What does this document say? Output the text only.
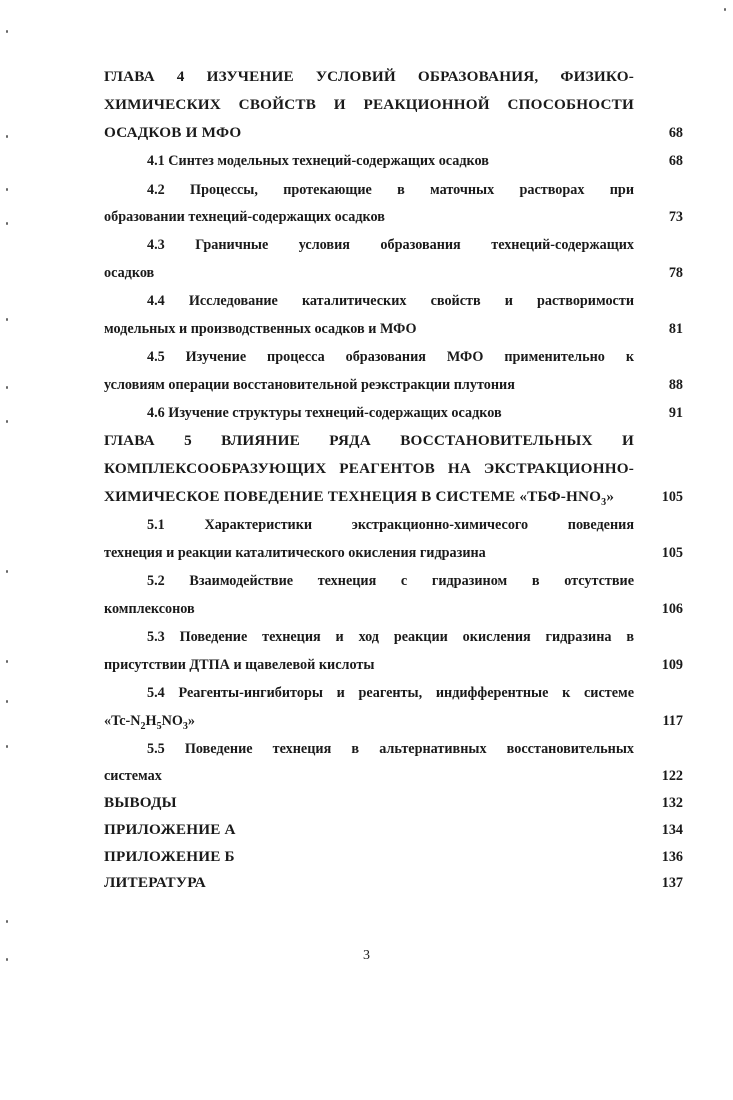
ГЛАВА 4 ИЗУЧЕНИЕ УСЛОВИЙ ОБРАЗОВАНИЯ, ФИЗИКО-
ХИМИЧЕСКИХ СВОЙСТВ И РЕАКЦИОННОЙ СПОСОБНОСТИ
ОСАДКОВ И МФО	68
4.1 Синтез модельных технеций-содержащих осадков	68
4.2 Процессы, протекающие в маточных растворах при
образовании технеций-содержащих осадков	73
4.3 Граничные условия образования технеций-содержащих
осадков	78
4.4 Исследование каталитических свойств и растворимости
модельных и производственных осадков и МФО	81
4.5 Изучение процесса образования МФО применительно к
условиям операции восстановительной реэкстракции плутония	88
4.6 Изучение структуры технеций-содержащих осадков	91
ГЛАВА 5 ВЛИЯНИЕ РЯДА ВОССТАНОВИТЕЛЬНЫХ И
КОМПЛЕКСООБРАЗУЮЩИХ РЕАГЕНТОВ НА ЭКСТРАКЦИОННО-
ХИМИЧЕСКОЕ ПОВЕДЕНИЕ ТЕХНЕЦИЯ В СИСТЕМЕ «$ТБФ-HNO_3$»	105
5.1 Характеристики экстракционно-химичесого поведения
технеция и реакции каталитического окисления гидразина	105
5.2 Взаимодействие технеция с гидразином в отсутствие
комплексонов	106
5.3 Поведение технеция и ход реакции окисления гидразина в
присутствии ДТПА и щавелевой кислоты	109
5.4 Реагенты-ингибиторы и реагенты, индифферентные к системе
«$Tc-N_2H_5NO_3$»	117
5.5 Поведение технеция в альтернативных восстановительных
системах	122
ВЫВОДЫ	132
ПРИЛОЖЕНИЕ А	134
ПРИЛОЖЕНИЕ Б	136
ЛИТЕРАТУРА	137
3
